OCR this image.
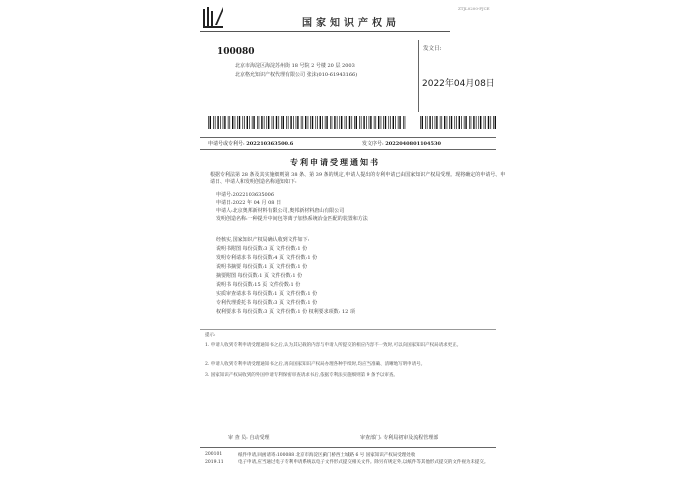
ZTJL0200-FJCE
国家知识产权局
100080
北京市海淀区海淀苏州街 18 号院 2 号楼 20 层 2003
北京格允知识产权代理有限公司 张沫(010-61943166)
发文日:
2022年04月08日
申请号或专利号: 202210363500.6	发文序号: 2022040801104530
专利申请受理通知书
根据专利法第 28 条及其实施细则第 38 条、第 39 条的规定,申请人提出的专利申请已由国家知识产权局受理。现将确定的申请号、申请日、申请人和发明创造名称通知如下:
申请号:2022103635006
申请日:2022 年 04 月 08 日
申请人:北京奥邦新材料有限公司,奥邦新材料唐山有限公司
发明创造名称:一种提升中间包等离子加热系统冶金匹配的装置和方法
经核实,国家知识产权局确认收到文件如下:
说明书附图 每份页数:3 页 文件份数:1 份
发明专利请求书 每份页数:4 页 文件份数:1 份
说明书摘要 每份页数:1 页 文件份数:1 份
摘要附图 每份页数:1 页 文件份数:1 份
说明书 每份页数:15 页 文件份数:1 份
实质审查请求书 每份页数:1 页 文件份数:1 份
专利代理委托书 每份页数:3 页 文件份数:1 份
权利要求书 每份页数:3 页 文件份数:1 份 权利要求项数: 12 项
提示:
1. 申请人收到专利申请受理通知书之后,认为其记载的内容与申请人所提交的相应内容不一致时,可以向国家知识产权局请求更正。
2. 申请人收到专利申请受理通知书之后,再向国家知识产权局办理各种手续时,均应当准确、清晰地写明申请号。
3. 国家知识产权局收到的外国申请专利保密审查请求书后,依据专利法实施细则第 9 条予以审查。
审 查 员: 自动受理	审查部门: 专利局初审及流程管理部
200101
2019.11
纸件申请,回函请寄:100088 北京市海淀区蓟门桥西土城路 6 号 国家知识产权局受理处收
电子申请,应当通过电子专利申请系统以电子文件形式提交相关文件。除另有规定外,以纸件等其他形式提交的文件视为未提交。
